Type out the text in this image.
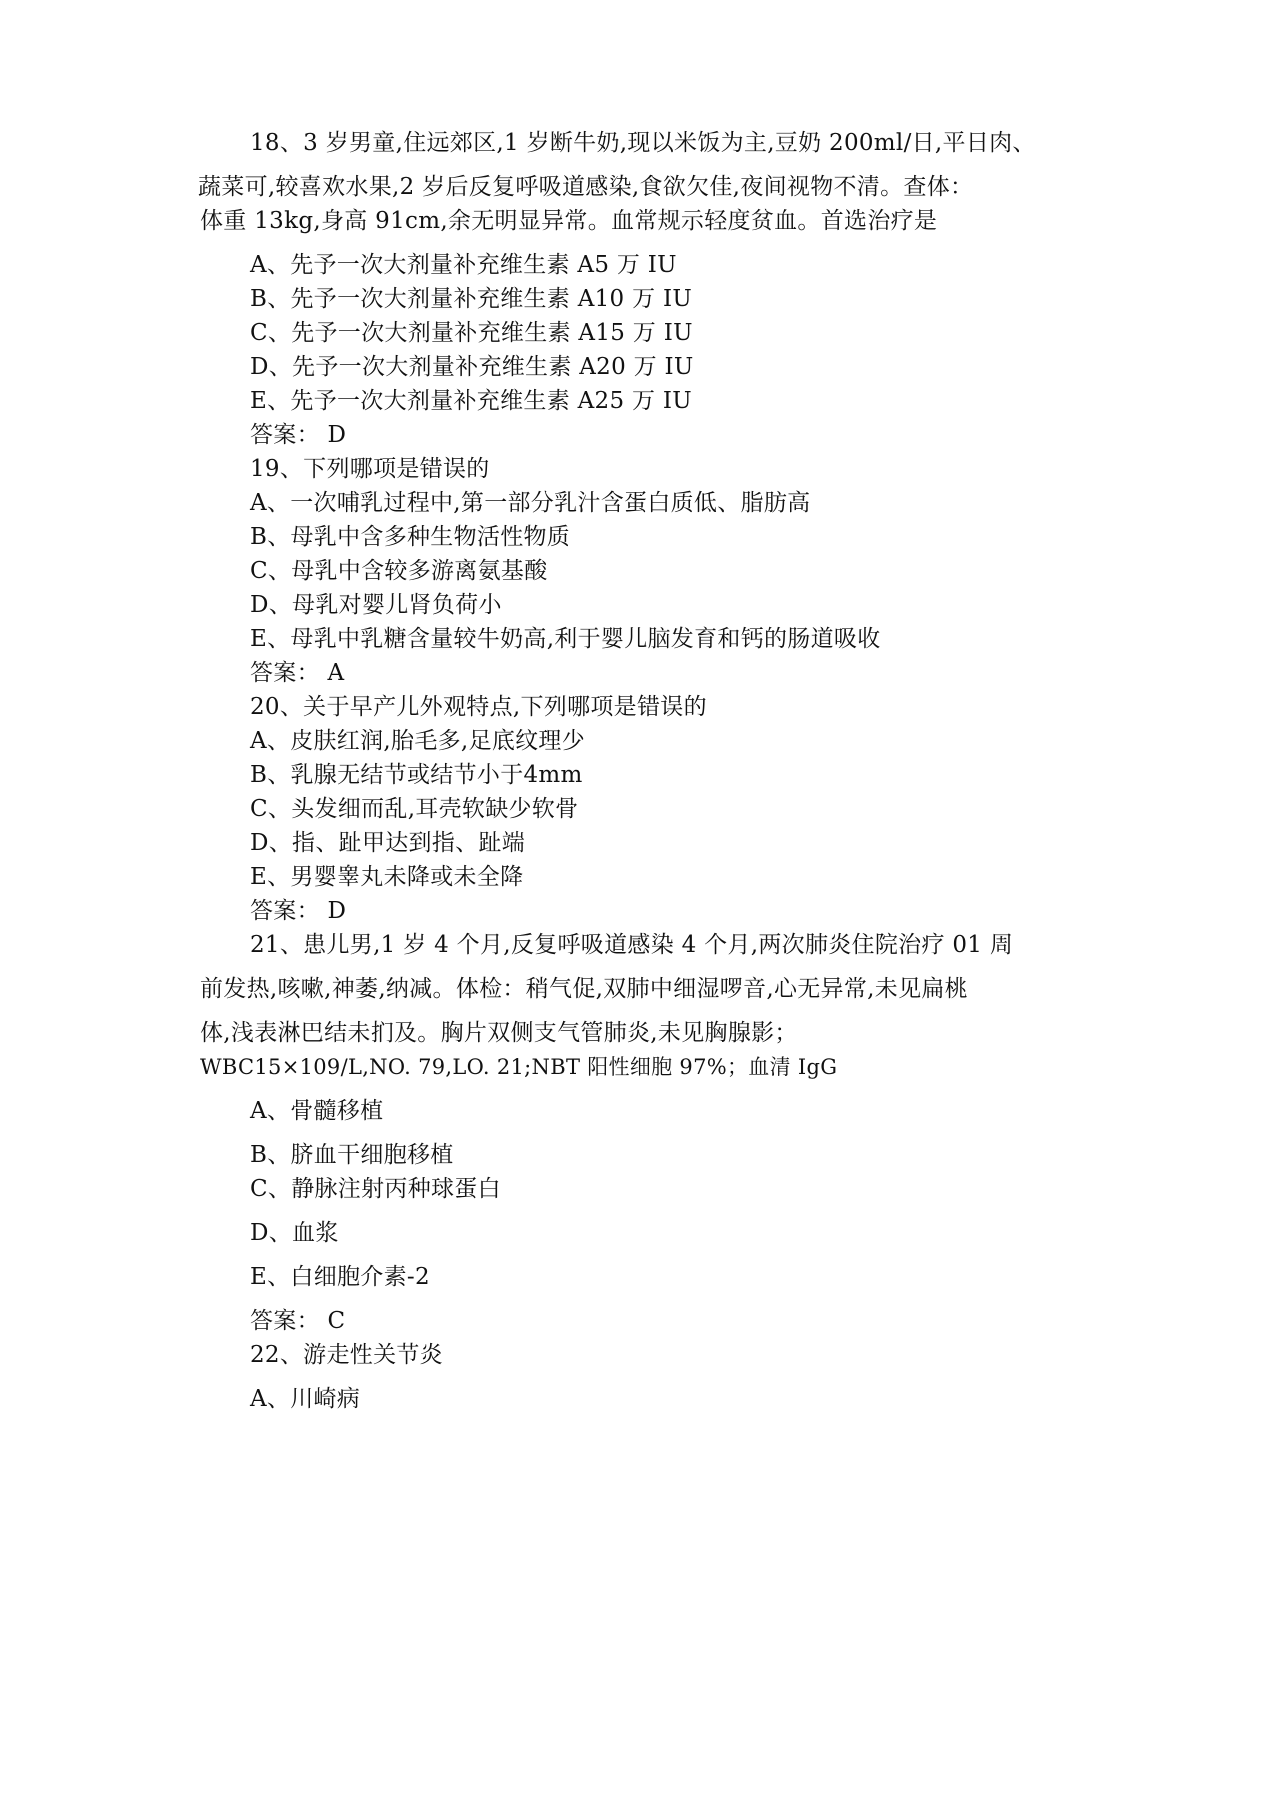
18、3 岁男童,住远郊区,1 岁断牛奶,现以米饭为主,豆奶 200ml/日,平日肉、
蔬菜可,较喜欢水果,2 岁后反复呼吸道感染,食欲欠佳,夜间视物不清。查体：
体重 13kg,身高 91cm,余无明显异常。血常规示轻度贫血。首选治疗是
A、先予一次大剂量补充维生素 A5 万 IU
B、先予一次大剂量补充维生素 A10 万 IU
C、先予一次大剂量补充维生素 A15 万 IU
D、先予一次大剂量补充维生素 A20 万 IU
E、先予一次大剂量补充维生素 A25 万 IU
答案： D
19、下列哪项是错误的
A、一次哺乳过程中,第一部分乳汁含蛋白质低、脂肪高
B、母乳中含多种生物活性物质
C、母乳中含较多游离氨基酸
D、母乳对婴儿肾负荷小
E、母乳中乳糖含量较牛奶高,利于婴儿脑发育和钙的肠道吸收
答案： A
20、关于早产儿外观特点,下列哪项是错误的
A、皮肤红润,胎毛多,足底纹理少
B、乳腺无结节或结节小于4mm
C、头发细而乱,耳壳软缺少软骨
D、指、趾甲达到指、趾端
E、男婴睾丸未降或未全降
答案： D
21、患儿男,1 岁 4 个月,反复呼吸道感染 4 个月,两次肺炎住院治疗 01 周
前发热,咳嗽,神萎,纳减。体检：稍气促,双肺中细湿啰音,心无异常,未见扁桃
体,浅表淋巴结未扪及。胸片双侧支气管肺炎,未见胸腺影；
WBC15×109/L,NO. 79,LO. 21;NBT 阳性细胞 97%；血清 IgG
A、骨髓移植
B、脐血干细胞移植
C、静脉注射丙种球蛋白
D、血浆
E、白细胞介素-2
答案： C
22、游走性关节炎
A、川崎病
